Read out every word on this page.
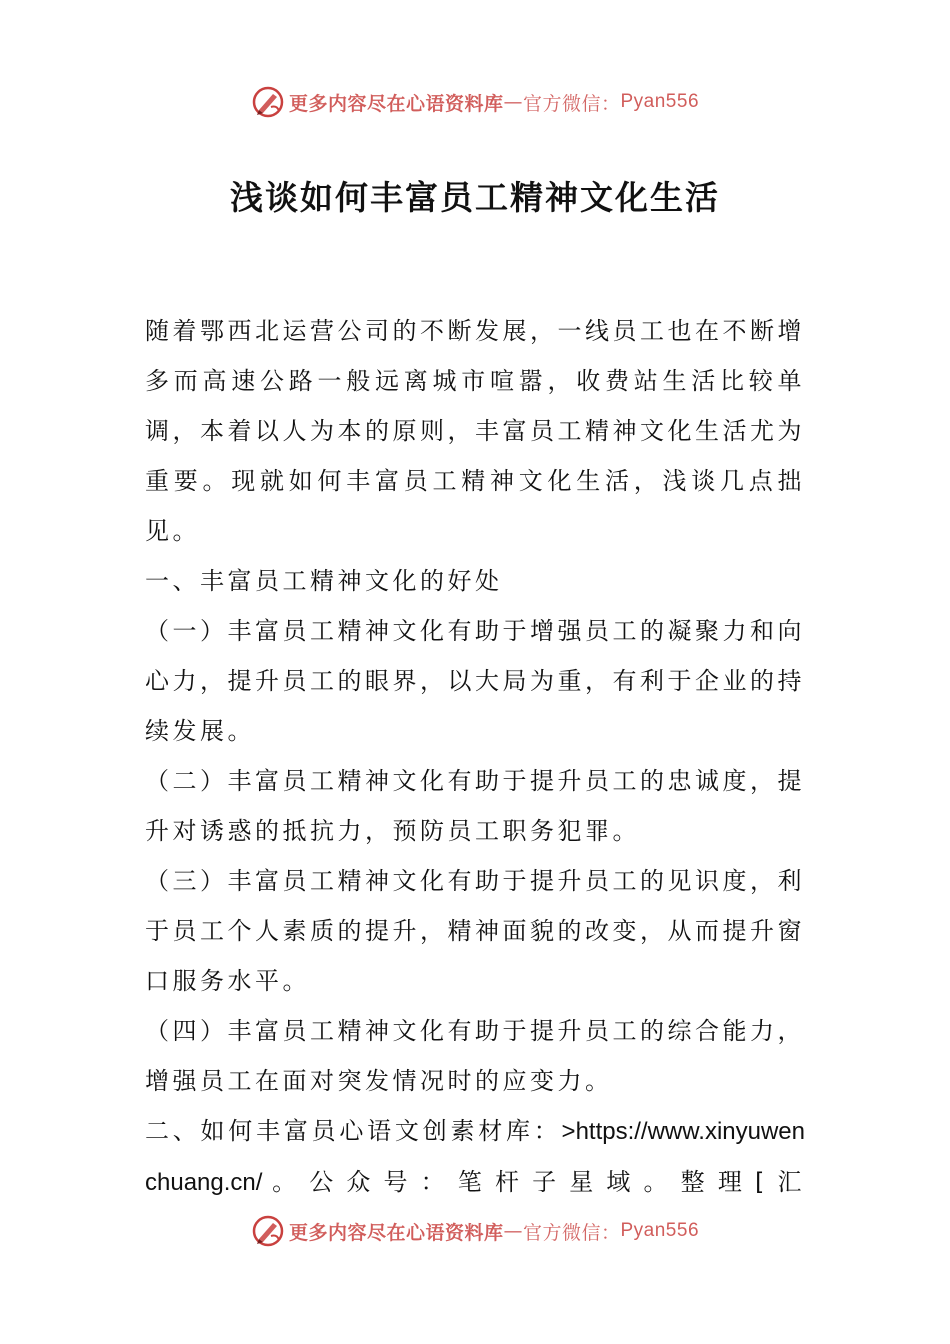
更多内容尽在心语资料库 — 官方微信： Pyan556
浅谈如何丰富员工精神文化生活

随着鄂西北运营公司的不断发展，一线员工也在不断增多而高速公路一般远离城市喧嚣，收费站生活比较单调，本着以人为本的原则，丰富员工精神文化生活尤为重要。现就如何丰富员工精神文化生活，浅谈几点拙见。

一、丰富员工精神文化的好处

（一）丰富员工精神文化有助于增强员工的凝聚力和向心力，提升员工的眼界，以大局为重，有利于企业的持续发展。

（二）丰富员工精神文化有助于提升员工的忠诚度，提升对诱惑的抵抗力，预防员工职务犯罪。

（三）丰富员工精神文化有助于提升员工的见识度，利于员工个人素质的提升，精神面貌的改变，从而提升窗口服务水平。

（四）丰富员工精神文化有助于提升员工的综合能力，增强员工在面对突发情况时的应变力。

二、如何丰富员心语文创素材库：>https://www.xinyuwenchuang.cn/。公众号：笔杆子星域。整理[汇

更多内容尽在心语资料库 — 官方微信： Pyan556
